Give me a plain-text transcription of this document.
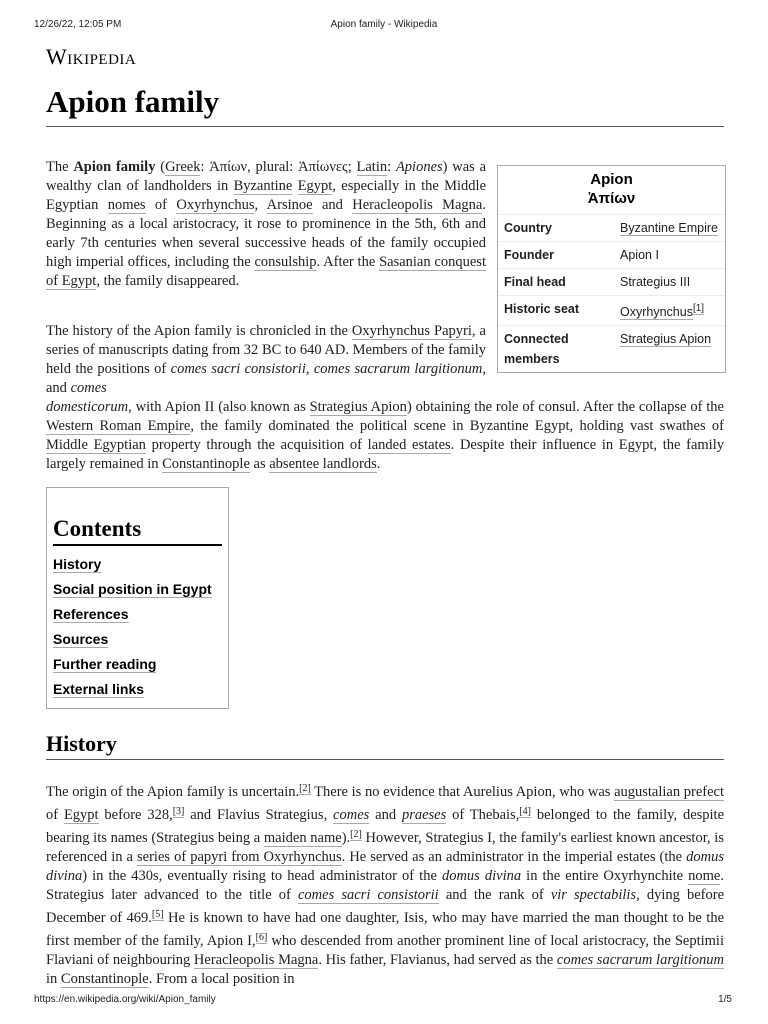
12/26/22, 12:05 PM	Apion family - Wikipedia
Wikipedia
Apion family

The Apion family (Greek: Ἀπίων, plural: Ἀπίωνες; Latin: Apiones) was a wealthy clan of landholders in Byzantine Egypt, especially in the Middle Egyptian nomes of Oxyrhynchus, Arsinoe and Heracleopolis Magna. Beginning as a local aristocracy, it rose to prominence in the 5th, 6th and early 7th centuries when several successive heads of the family occupied high imperial offices, including the consulship. After the Sasanian conquest of Egypt, the family disappeared.

Apion
Ἀπίων
Country	Byzantine Empire
Founder	Apion I
Final head	Strategius III
Historic seat	Oxyrhynchus[1]
Connected members	Strategius Apion
The history of the Apion family is chronicled in the Oxyrhynchus Papyri, a series of manuscripts dating from 32 BC to 640 AD. Members of the family held the positions of comes sacri consistorii, comes sacrarum largitionum, and comes
domesticorum, with Apion II (also known as Strategius Apion) obtaining the role of consul. After the collapse of the Western Roman Empire, the family dominated the political scene in Byzantine Egypt, holding vast swathes of Middle Egyptian property through the acquisition of landed estates. Despite their influence in Egypt, the family largely remained in Constantinople as absentee landlords.
Contents
History
Social position in Egypt
References
Sources
Further reading
External links
History

The origin of the Apion family is uncertain.[2] There is no evidence that Aurelius Apion, who was augustalian prefect of Egypt before 328,[3] and Flavius Strategius, comes and praeses of Thebais,[4] belonged to the family, despite bearing its names (Strategius being a maiden name).[2] However, Strategius I, the family's earliest known ancestor, is referenced in a series of papyri from Oxyrhynchus. He served as an administrator in the imperial estates (the domus divina) in the 430s, eventually rising to head administrator of the domus divina in the entire Oxyrhynchite nome. Strategius later advanced to the title of comes sacri consistorii and the rank of vir spectabilis, dying before December of 469.[5] He is known to have had one daughter, Isis, who may have married the man thought to be the first member of the family, Apion I,[6] who descended from another prominent line of local aristocracy, the Septimii Flaviani of neighbouring Heracleopolis Magna. His father, Flavianus, had served as the comes sacrarum largitionum in Constantinople. From a local position in

https://en.wikipedia.org/wiki/Apion_family	1/5
